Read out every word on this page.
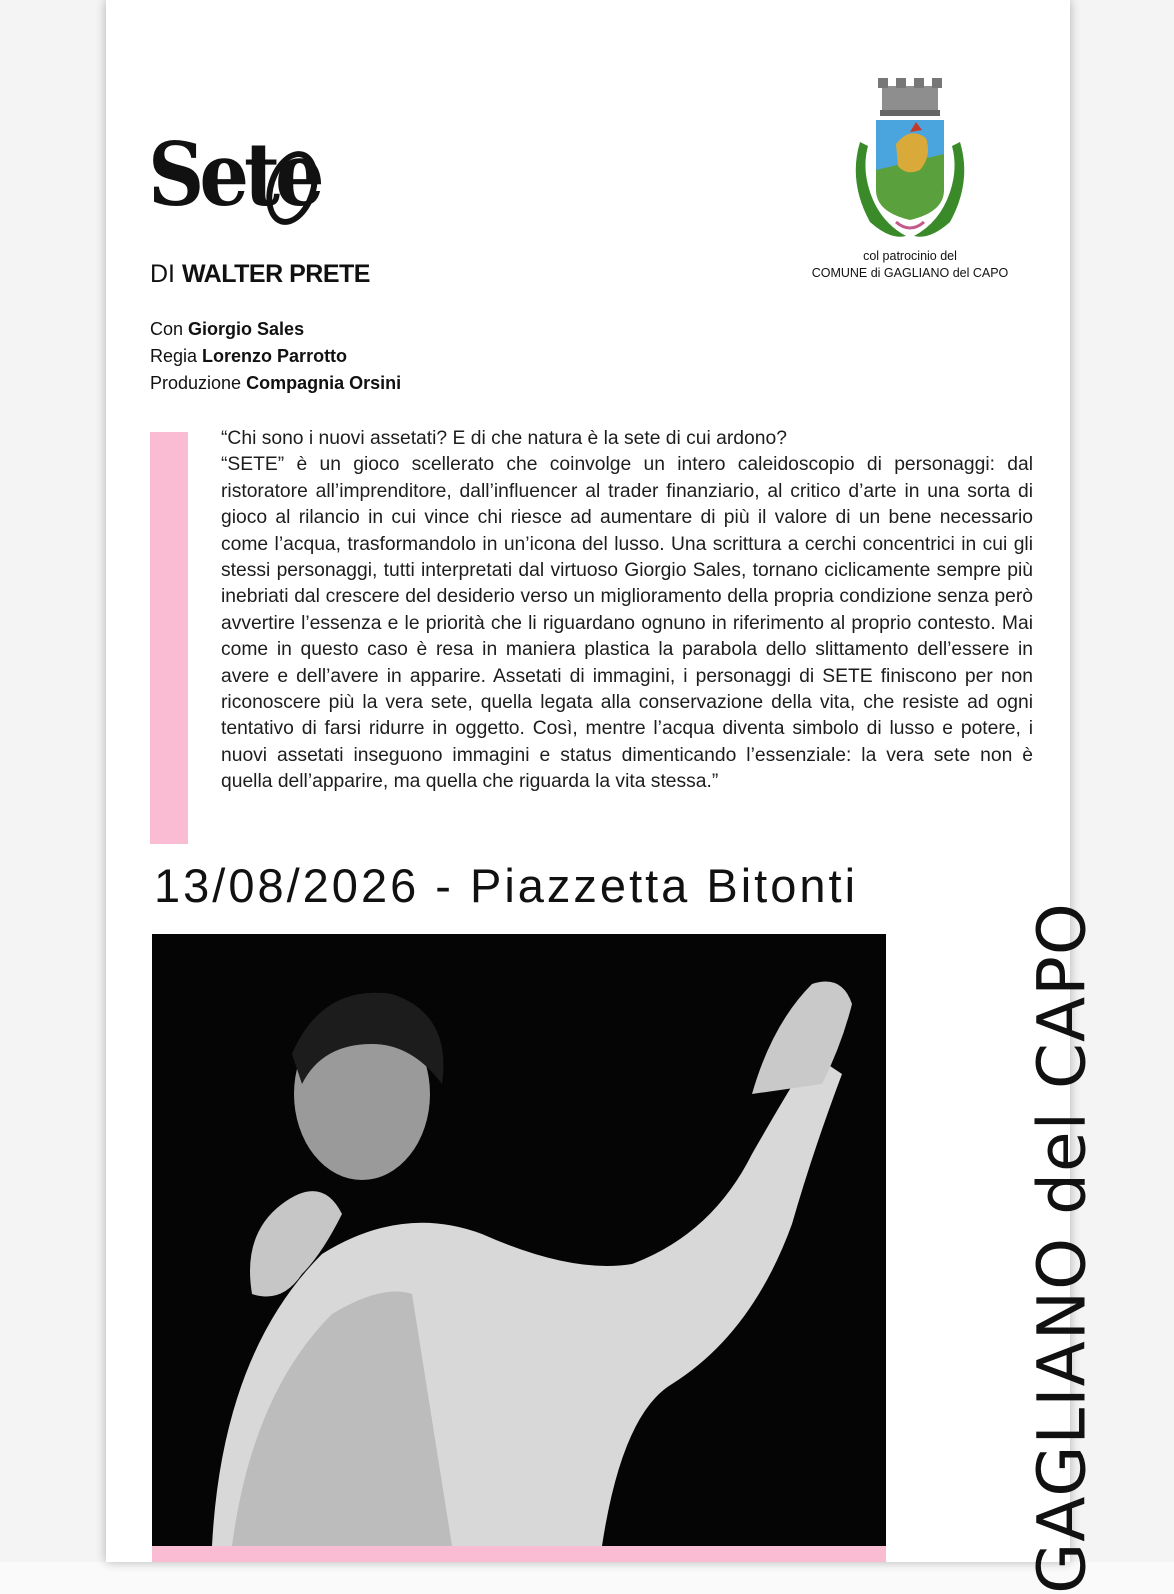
Sete
DI WALTER PRETE
Con Giorgio Sales
Regia Lorenzo Parrotto
Produzione Compagnia Orsini
col patrocinio del
COMUNE di GAGLIANO del CAPO
“Chi sono i nuovi assetati? E di che natura è la sete di cui ardono?
“SETE” è un gioco scellerato che coinvolge un intero caleidoscopio di personaggi: dal ristoratore all’imprenditore, dall’influencer al trader finanziario, al critico d’arte in una sorta di gioco al rilancio in cui vince chi riesce ad aumentare di più il valore di un bene necessario come l’acqua, trasformandolo in un’icona del lusso. Una scrittura a cerchi concentrici in cui gli stessi personaggi, tutti interpretati dal virtuoso Giorgio Sales, tornano ciclicamente sempre più inebriati dal crescere del desiderio verso un miglioramento della propria condizione senza però avvertire l’essenza e le priorità che li riguardano ognuno in riferimento al proprio contesto. Mai come in questo caso è resa in maniera plastica la parabola dello slittamento dell’essere in avere e dell’avere in apparire. Assetati di immagini, i personaggi di SETE finiscono per non riconoscere più la vera sete, quella legata alla conservazione della vita, che resiste ad ogni tentativo di farsi ridurre in oggetto. Così, mentre l’acqua diventa simbolo di lusso e potere, i nuovi assetati inseguono immagini e status dimenticando l’essenziale: la vera sete non è quella dell’apparire, ma quella che riguarda la vita stessa.”
13/08/2026 - Piazzetta Bitonti
GAGLIANO del CAPO
